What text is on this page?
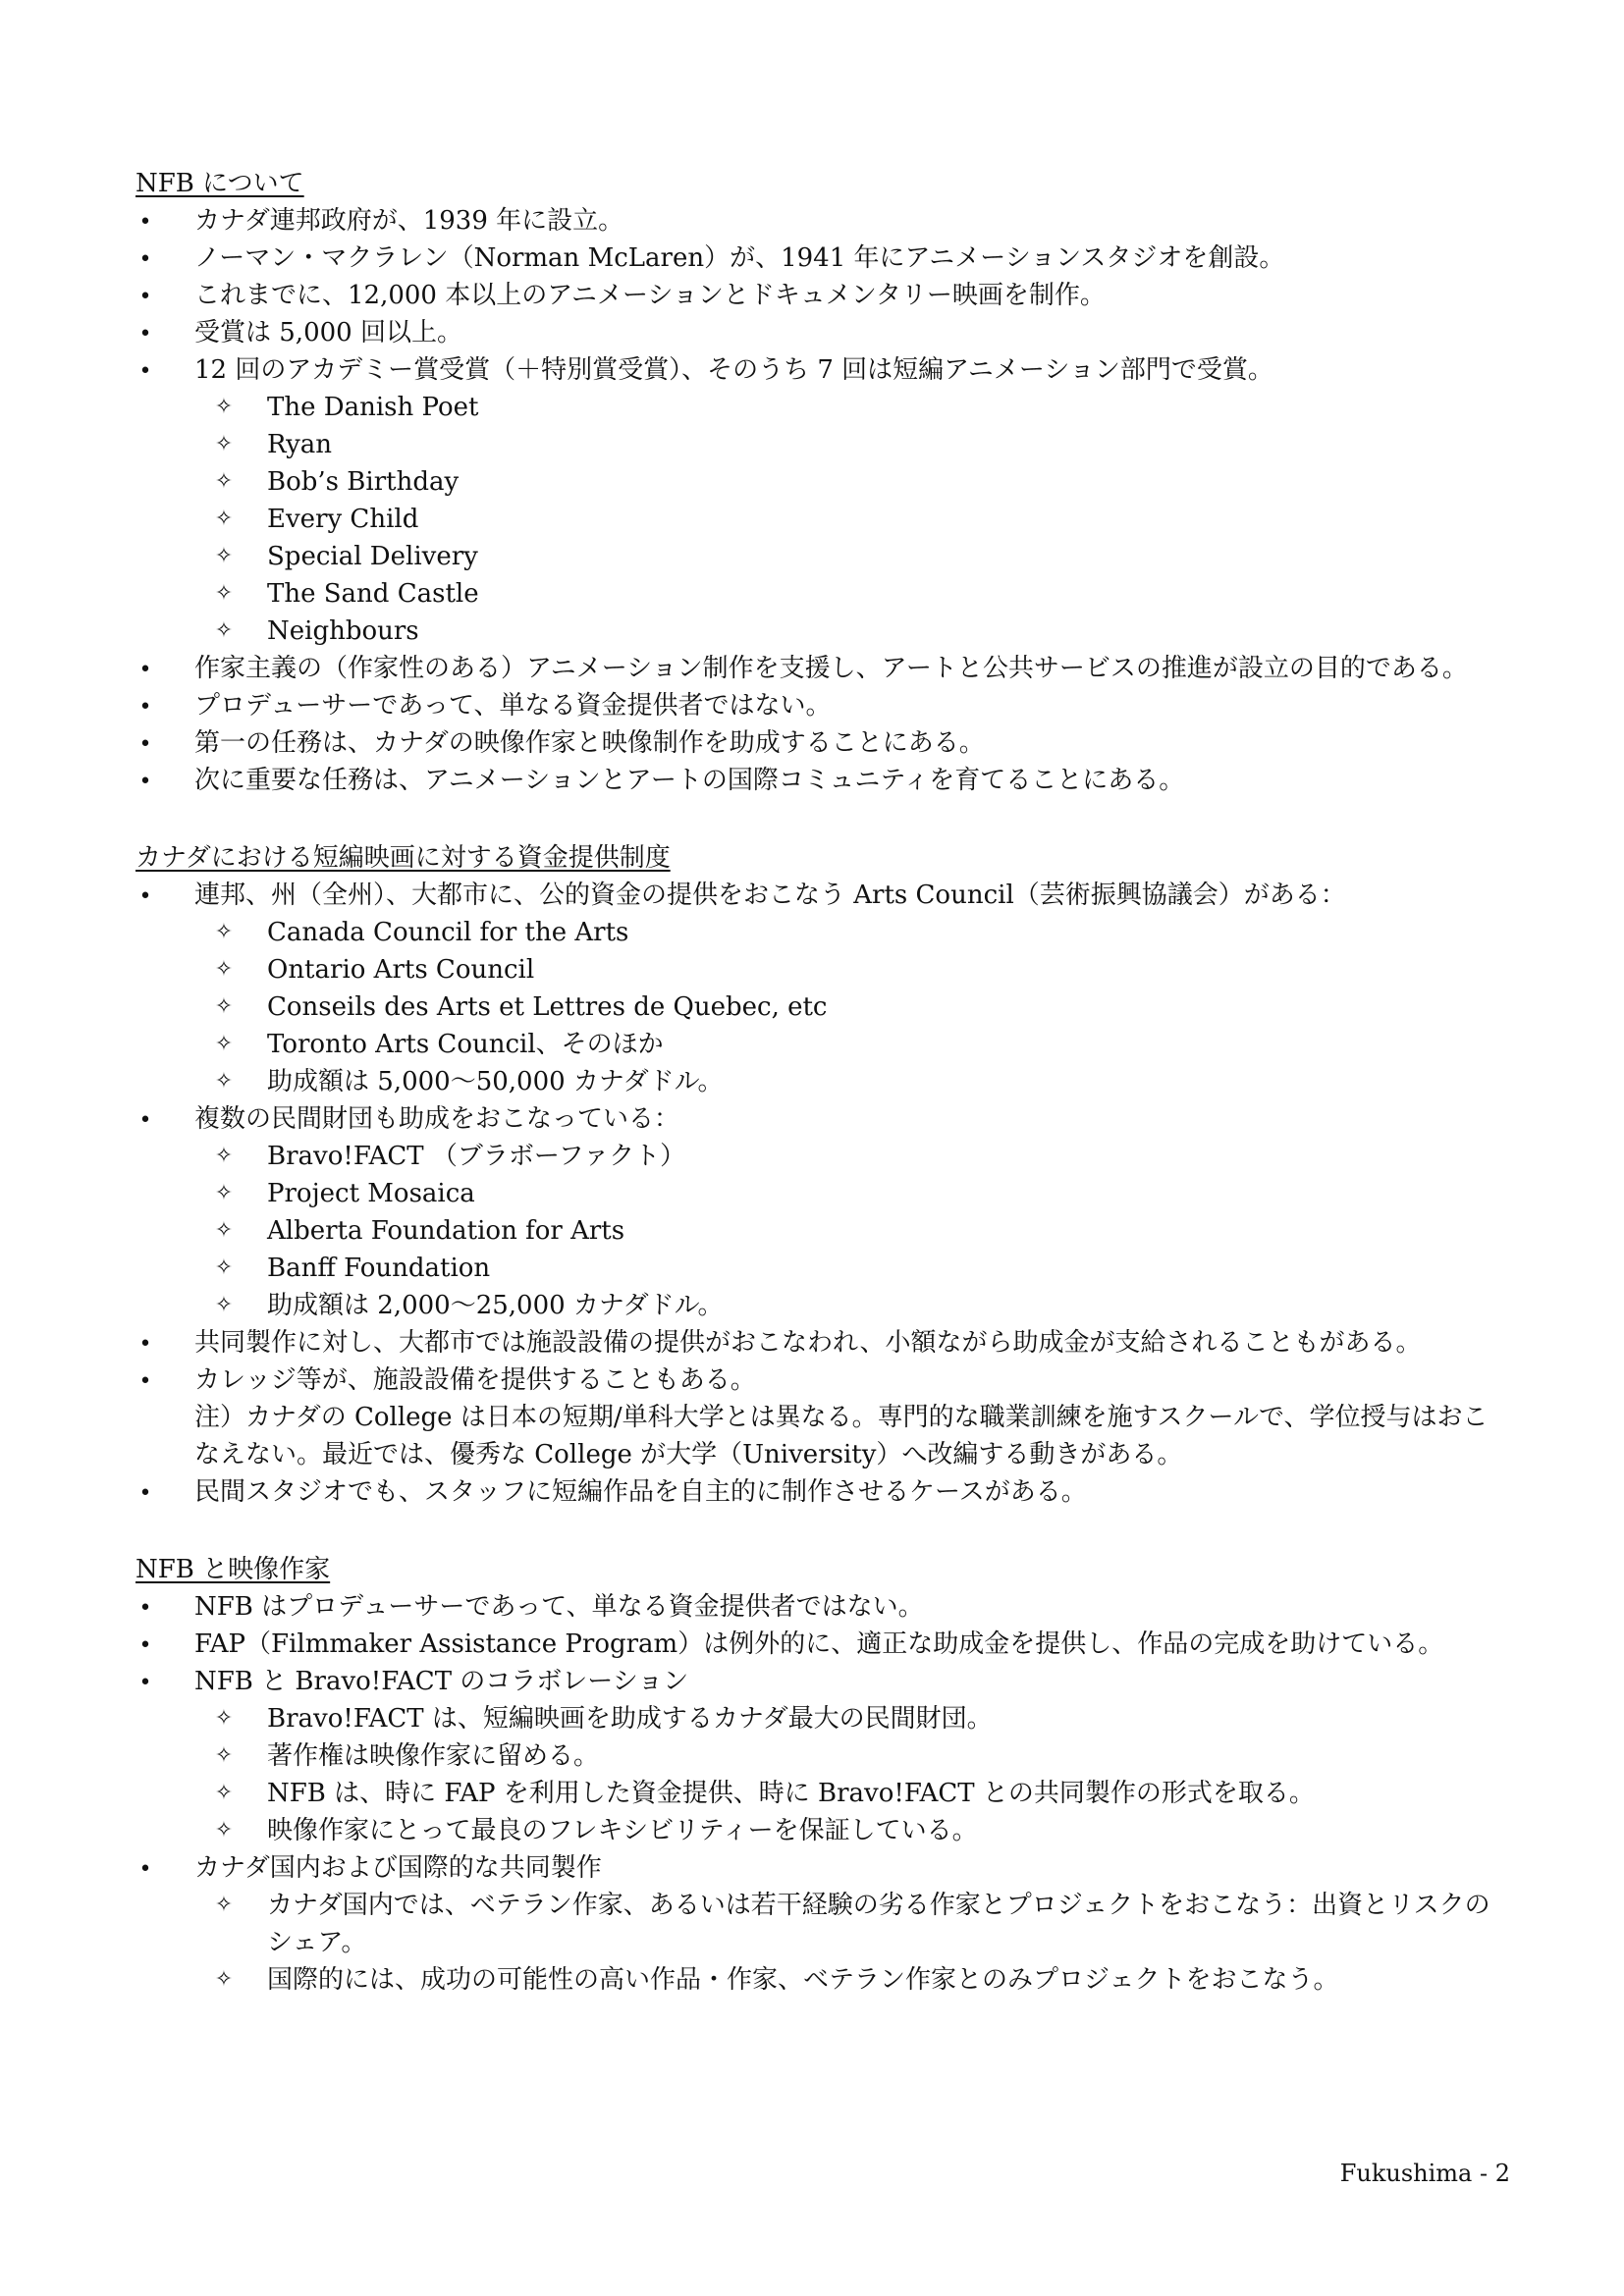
NFB について
•
カナダ連邦政府が、1939 年に設立。
•
ノーマン・マクラレン（Norman McLaren）が、1941 年にアニメーションスタジオを創設。
•
これまでに、12,000 本以上のアニメーションとドキュメンタリー映画を制作。
•
受賞は 5,000 回以上。
•
12 回のアカデミー賞受賞（＋特別賞受賞）、そのうち 7 回は短編アニメーション部門で受賞。
✧ The Danish Poet
✧ Ryan
✧ Bob’s Birthday
✧ Every Child
✧ Special Delivery
✧ The Sand Castle
✧ Neighbours
•
作家主義の（作家性のある）アニメーション制作を支援し、アートと公共サービスの推進が設立の目的である。
•
プロデューサーであって、単なる資金提供者ではない。
•
第一の任務は、カナダの映像作家と映像制作を助成することにある。
•
次に重要な任務は、アニメーションとアートの国際コミュニティを育てることにある。
カナダにおける短編映画に対する資金提供制度
•
連邦、州（全州）、大都市に、公的資金の提供をおこなう Arts Council（芸術振興協議会）がある：
✧ Canada Council for the Arts
✧ Ontario Arts Council
✧ Conseils des Arts et Lettres de Quebec, etc
✧ Toronto Arts Council、そのほか
✧ 助成額は 5,000～50,000 カナダドル。
•
複数の民間財団も助成をおこなっている：
✧ Bravo!FACT （ブラボーファクト）
✧ Project Mosaica
✧ Alberta Foundation for Arts
✧ Banff Foundation
✧ 助成額は 2,000～25,000 カナダドル。
•
共同製作に対し、大都市では施設設備の提供がおこなわれ、小額ながら助成金が支給されることもがある。
•
カレッジ等が、施設設備を提供することもある。
注）カナダの College は日本の短期/単科大学とは異なる。専門的な職業訓練を施すスクールで、学位授与はおこなえない。最近では、優秀な College が大学（University）へ改編する動きがある。
•
民間スタジオでも、スタッフに短編作品を自主的に制作させるケースがある。
NFB と映像作家
•
NFB はプロデューサーであって、単なる資金提供者ではない。
•
FAP（Filmmaker Assistance Program）は例外的に、適正な助成金を提供し、作品の完成を助けている。
•
NFB と Bravo!FACT のコラボレーション
✧ Bravo!FACT は、短編映画を助成するカナダ最大の民間財団。
✧ 著作権は映像作家に留める。
✧ NFB は、時に FAP を利用した資金提供、時に Bravo!FACT との共同製作の形式を取る。
✧ 映像作家にとって最良のフレキシビリティーを保証している。
•
カナダ国内および国際的な共同製作
✧ カナダ国内では、ベテラン作家、あるいは若干経験の劣る作家とプロジェクトをおこなう：出資とリスクのシェア。
✧ 国際的には、成功の可能性の高い作品・作家、ベテラン作家とのみプロジェクトをおこなう。
Fukushima - 2
